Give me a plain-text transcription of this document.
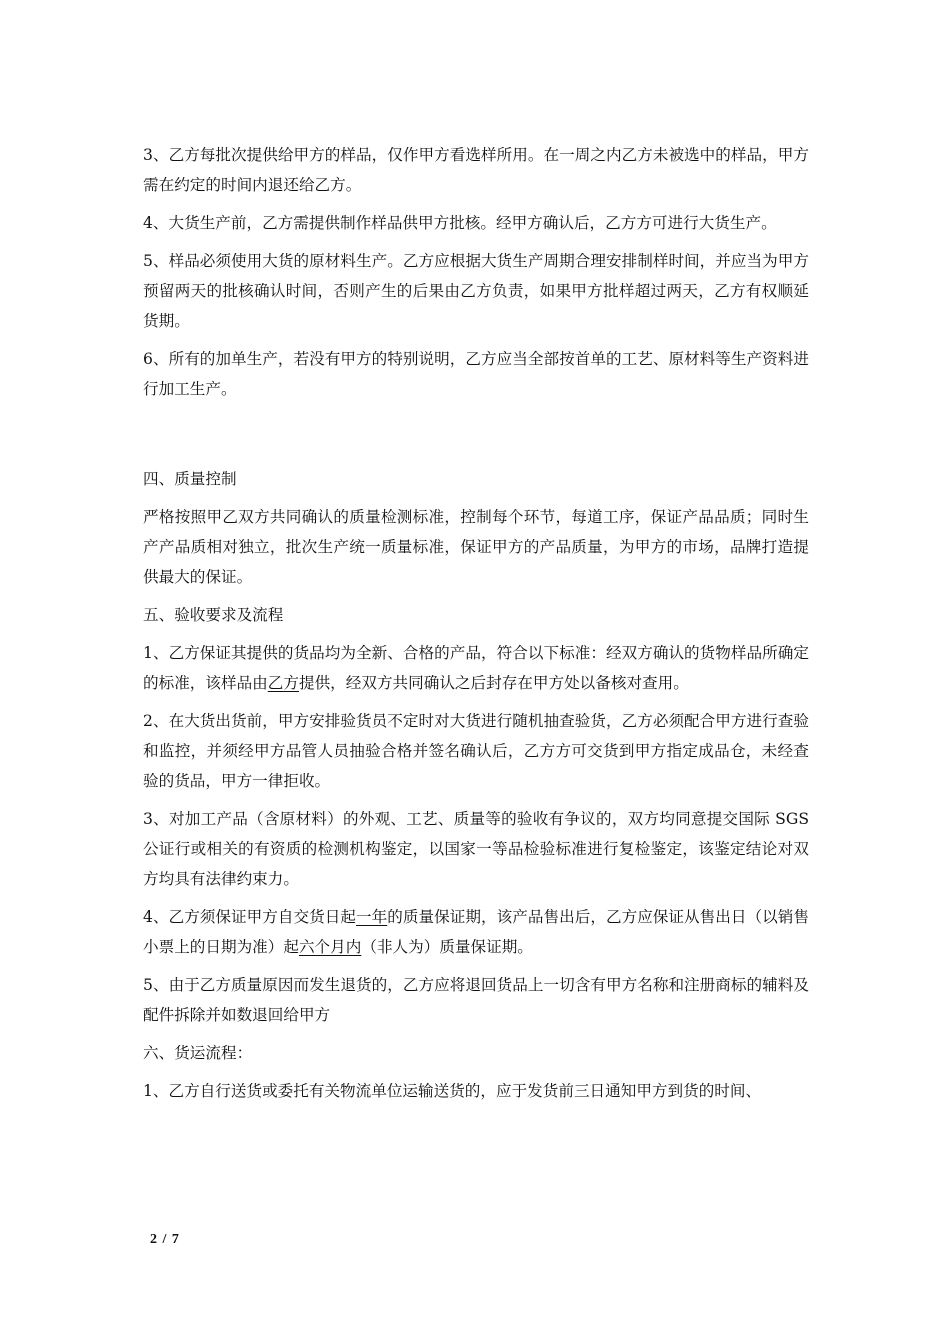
3、乙方每批次提供给甲方的样品，仅作甲方看选样所用。在一周之内乙方未被选中的样品，甲方需在约定的时间内退还给乙方。

4、大货生产前，乙方需提供制作样品供甲方批核。经甲方确认后，乙方方可进行大货生产。

5、样品必须使用大货的原材料生产。乙方应根据大货生产周期合理安排制样时间，并应当为甲方预留两天的批核确认时间，否则产生的后果由乙方负责，如果甲方批样超过两天，乙方有权顺延货期。

6、所有的加单生产，若没有甲方的特别说明，乙方应当全部按首单的工艺、原材料等生产资料进行加工生产。

四、质量控制

严格按照甲乙双方共同确认的质量检测标准，控制每个环节，每道工序，保证产品品质；同时生产产品质相对独立，批次生产统一质量标准，保证甲方的产品质量，为甲方的市场，品牌打造提供最大的保证。

五、验收要求及流程

1、乙方保证其提供的货品均为全新、合格的产品，符合以下标准：经双方确认的货物样品所确定的标准，该样品由乙方提供，经双方共同确认之后封存在甲方处以备核对查用。

2、在大货出货前，甲方安排验货员不定时对大货进行随机抽查验货，乙方必须配合甲方进行查验和监控，并须经甲方品管人员抽验合格并签名确认后，乙方方可交货到甲方指定成品仓，未经查验的货品，甲方一律拒收。

3、对加工产品（含原材料）的外观、工艺、质量等的验收有争议的，双方均同意提交国际 SGS 公证行或相关的有资质的检测机构鉴定，以国家一等品检验标准进行复检鉴定，该鉴定结论对双方均具有法律约束力。

4、乙方须保证甲方自交货日起一年的质量保证期，该产品售出后，乙方应保证从售出日（以销售小票上的日期为准）起六个月内（非人为）质量保证期。

5、由于乙方质量原因而发生退货的，乙方应将退回货品上一切含有甲方名称和注册商标的辅料及配件拆除并如数退回给甲方

六、货运流程：

1、乙方自行送货或委托有关物流单位运输送货的，应于发货前三日通知甲方到货的时间、

2 / 7
